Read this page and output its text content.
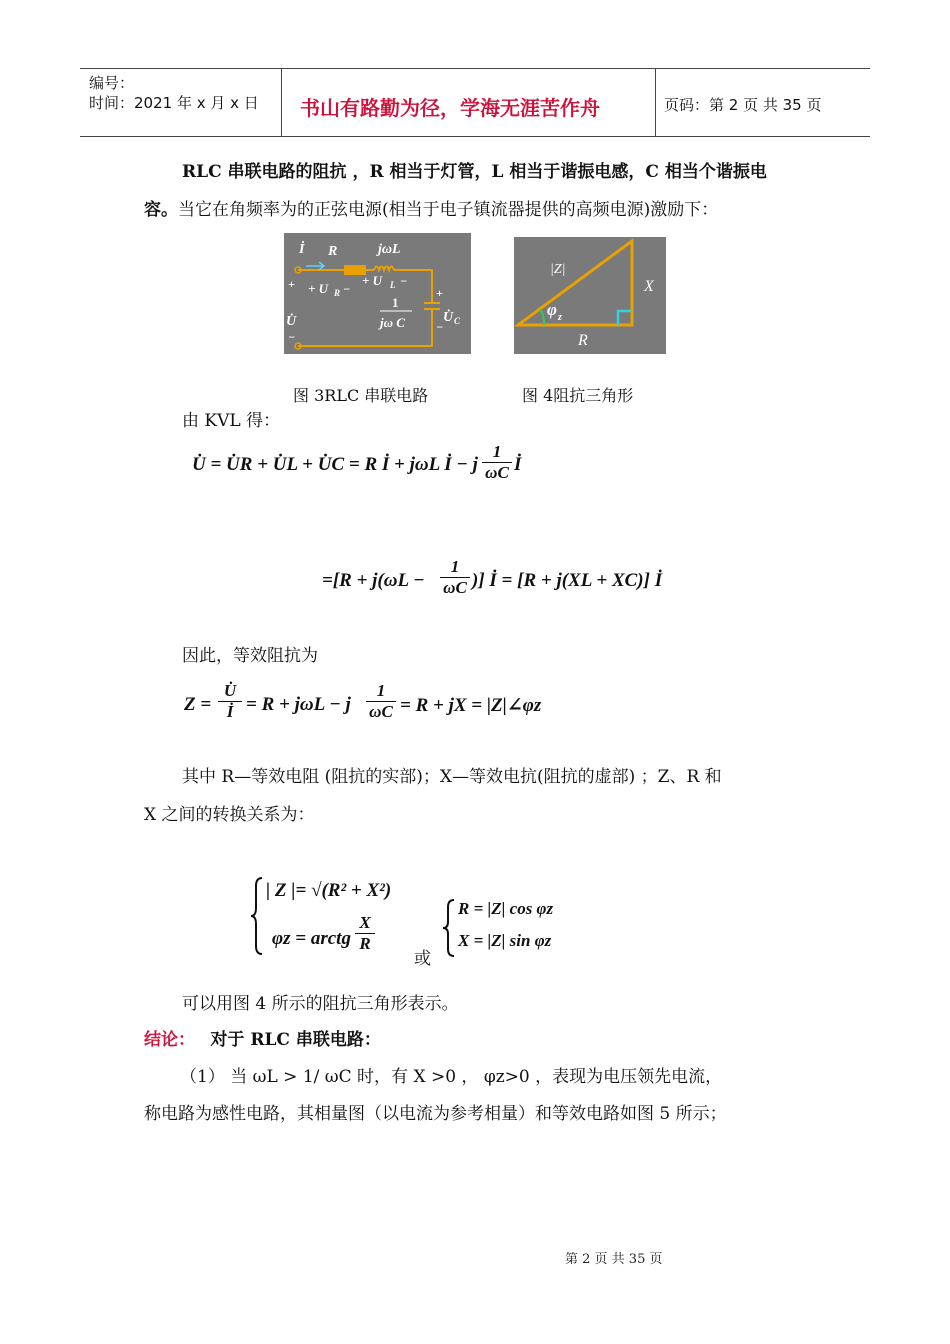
编号：
时间：2021 年 x 月 x 日 书山有路勤为径，学海无涯苦作舟	页码：第 2 页 共 35 页
RLC 串联电路的阻抗 ，R 相当于灯管，L 相当于谐振电感，C 相当个谐振电
容。当它在角频率为的正弦电源(相当于电子镇流器提供的高频电源)激励下：
İ R	jωL
+ + U R −
+ U L −
1
jω C
+
U̇ C
−
U̇
−
|Z|
X
R
φ z
图 3RLC 串联电路	图 4阻抗三角形
由 KVL 得：
U̇ = U̇R + U̇L + U̇C = R İ + jωL İ − j $\frac{1}{\omega C}$ İ
$=[R + j(\omega L - \frac{1}{\omega C}$ )] İ = [R + j(XL + XC)] İ
因此，等效阻抗为
$Z = \frac{U̇}{İ} = R + j\omega L - j \frac{1}{\omega C} = R$ + jX = |Z|∠φz
其中 R—等效电阻 (阻抗的实部)；X—等效电抗(阻抗的虚部) ；Z、R 和
X 之间的转换关系为：
| Z |= √(R² + X²)
φz = arctg $\frac{X}{R}$
或
R = |Z| cos φz
X = |Z| sin φz
可以用图 4 所示的阻抗三角形表示。
结论： 对于 RLC 串联电路：
（1） 当 ωL > 1/ ωC 时，有 X >0 ， φz>0 ，表现为电压领先电流，
称电路为感性电路，其相量图（以电流为参考相量）和等效电路如图 5 所示；
第 2 页 共 35 页
